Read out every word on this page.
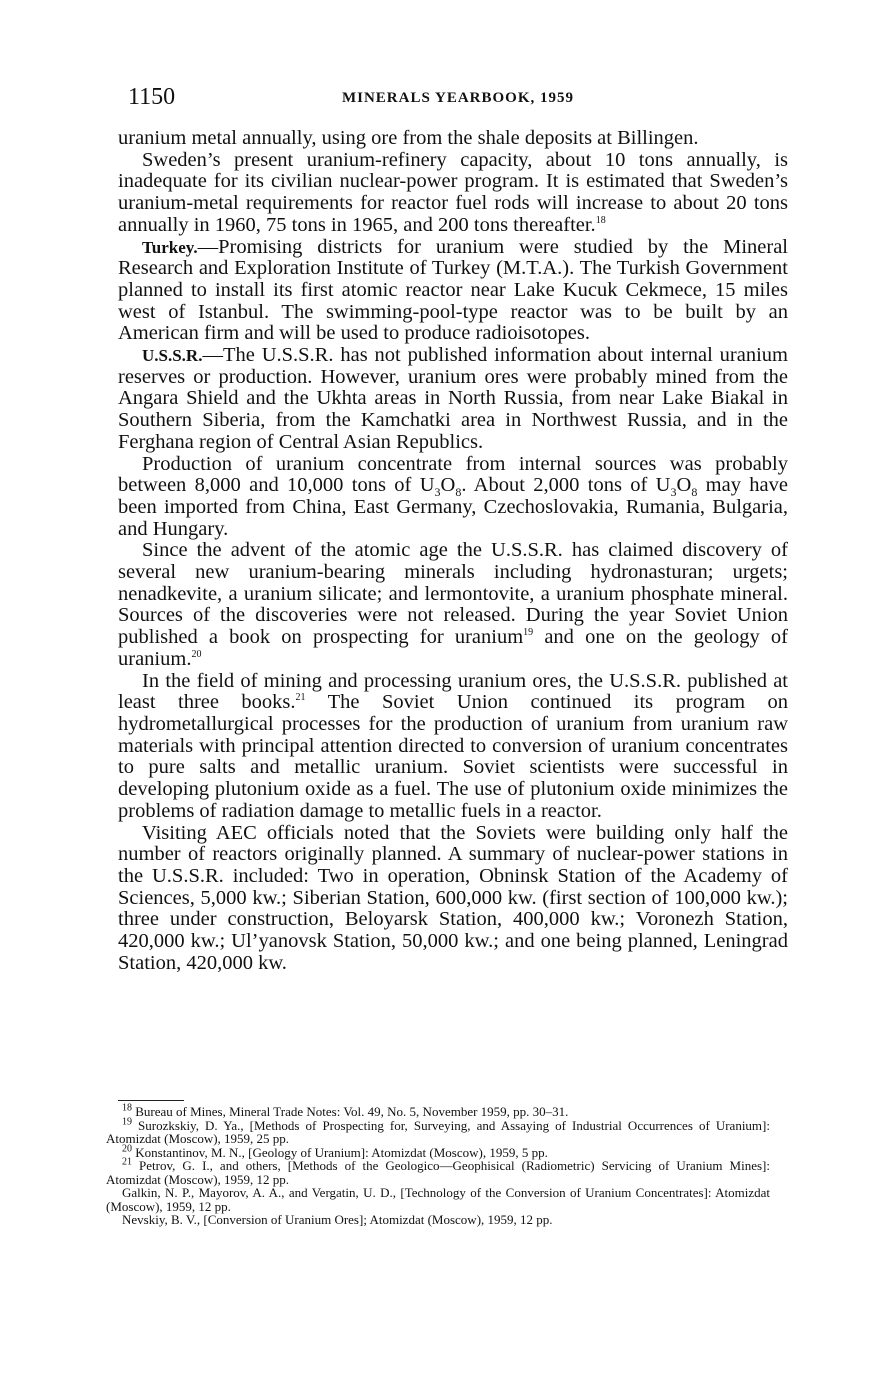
1150	MINERALS YEARBOOK, 1959

uranium metal annually, using ore from the shale deposits at Billingen.

Sweden’s present uranium-refinery capacity, about 10 tons annually, is inadequate for its civilian nuclear-power program. It is estimated that Sweden’s uranium-metal requirements for reactor fuel rods will increase to about 20 tons annually in 1960, 75 tons in 1965, and 200 tons thereafter.$^{18}$

Turkey.—Promising districts for uranium were studied by the Mineral Research and Exploration Institute of Turkey (M.T.A.). The Turkish Government planned to install its first atomic reactor near Lake Kucuk Cekmece, 15 miles west of Istanbul. The swimming-pool-type reactor was to be built by an American firm and will be used to produce radioisotopes.

U.S.S.R.—The U.S.S.R. has not published information about internal uranium reserves or production. However, uranium ores were probably mined from the Angara Shield and the Ukhta areas in North Russia, from near Lake Biakal in Southern Siberia, from the Kamchatki area in Northwest Russia, and in the Ferghana region of Central Asian Republics.

Production of uranium concentrate from internal sources was probably between 8,000 and 10,000 tons of $U_3O_8$. About 2,000 tons of $U_3O_8$ may have been imported from China, East Germany, Czechoslovakia, Rumania, Bulgaria, and Hungary.

Since the advent of the atomic age the U.S.S.R. has claimed discovery of several new uranium-bearing minerals including hydronasturan; urgets; nenadkevite, a uranium silicate; and lermontovite, a uranium phosphate mineral. Sources of the discoveries were not released. During the year Soviet Union published a book on prospecting for uranium$^{19}$ and one on the geology of uranium.$^{20}$

In the field of mining and processing uranium ores, the U.S.S.R. published at least three books.$^{21}$ The Soviet Union continued its program on hydrometallurgical processes for the production of uranium from uranium raw materials with principal attention directed to conversion of uranium concentrates to pure salts and metallic uranium. Soviet scientists were successful in developing plutonium oxide as a fuel. The use of plutonium oxide minimizes the problems of radiation damage to metallic fuels in a reactor.

Visiting AEC officials noted that the Soviets were building only half the number of reactors originally planned. A summary of nuclear-power stations in the U.S.S.R. included: Two in operation, Obninsk Station of the Academy of Sciences, 5,000 kw.; Siberian Station, 600,000 kw. (first section of 100,000 kw.); three under construction, Beloyarsk Station, 400,000 kw.; Voronezh Station, 420,000 kw.; Ul’yanovsk Station, 50,000 kw.; and one being planned, Leningrad Station, 420,000 kw.

$^{18}$ Bureau of Mines, Mineral Trade Notes: Vol. 49, No. 5, November 1959, pp. 30–31.

$^{19}$ Surozkskiy, D. Ya., [Methods of Prospecting for, Surveying, and Assaying of Industrial Occurrences of Uranium]: Atomizdat (Moscow), 1959, 25 pp.

$^{20}$ Konstantinov, M. N., [Geology of Uranium]: Atomizdat (Moscow), 1959, 5 pp.

$^{21}$ Petrov, G. I., and others, [Methods of the Geologico—Geophisical (Radiometric) Servicing of Uranium Mines]: Atomizdat (Moscow), 1959, 12 pp.

Galkin, N. P., Mayorov, A. A., and Vergatin, U. D., [Technology of the Conversion of Uranium Concentrates]: Atomizdat (Moscow), 1959, 12 pp.

Nevskiy, B. V., [Conversion of Uranium Ores]; Atomizdat (Moscow), 1959, 12 pp.
